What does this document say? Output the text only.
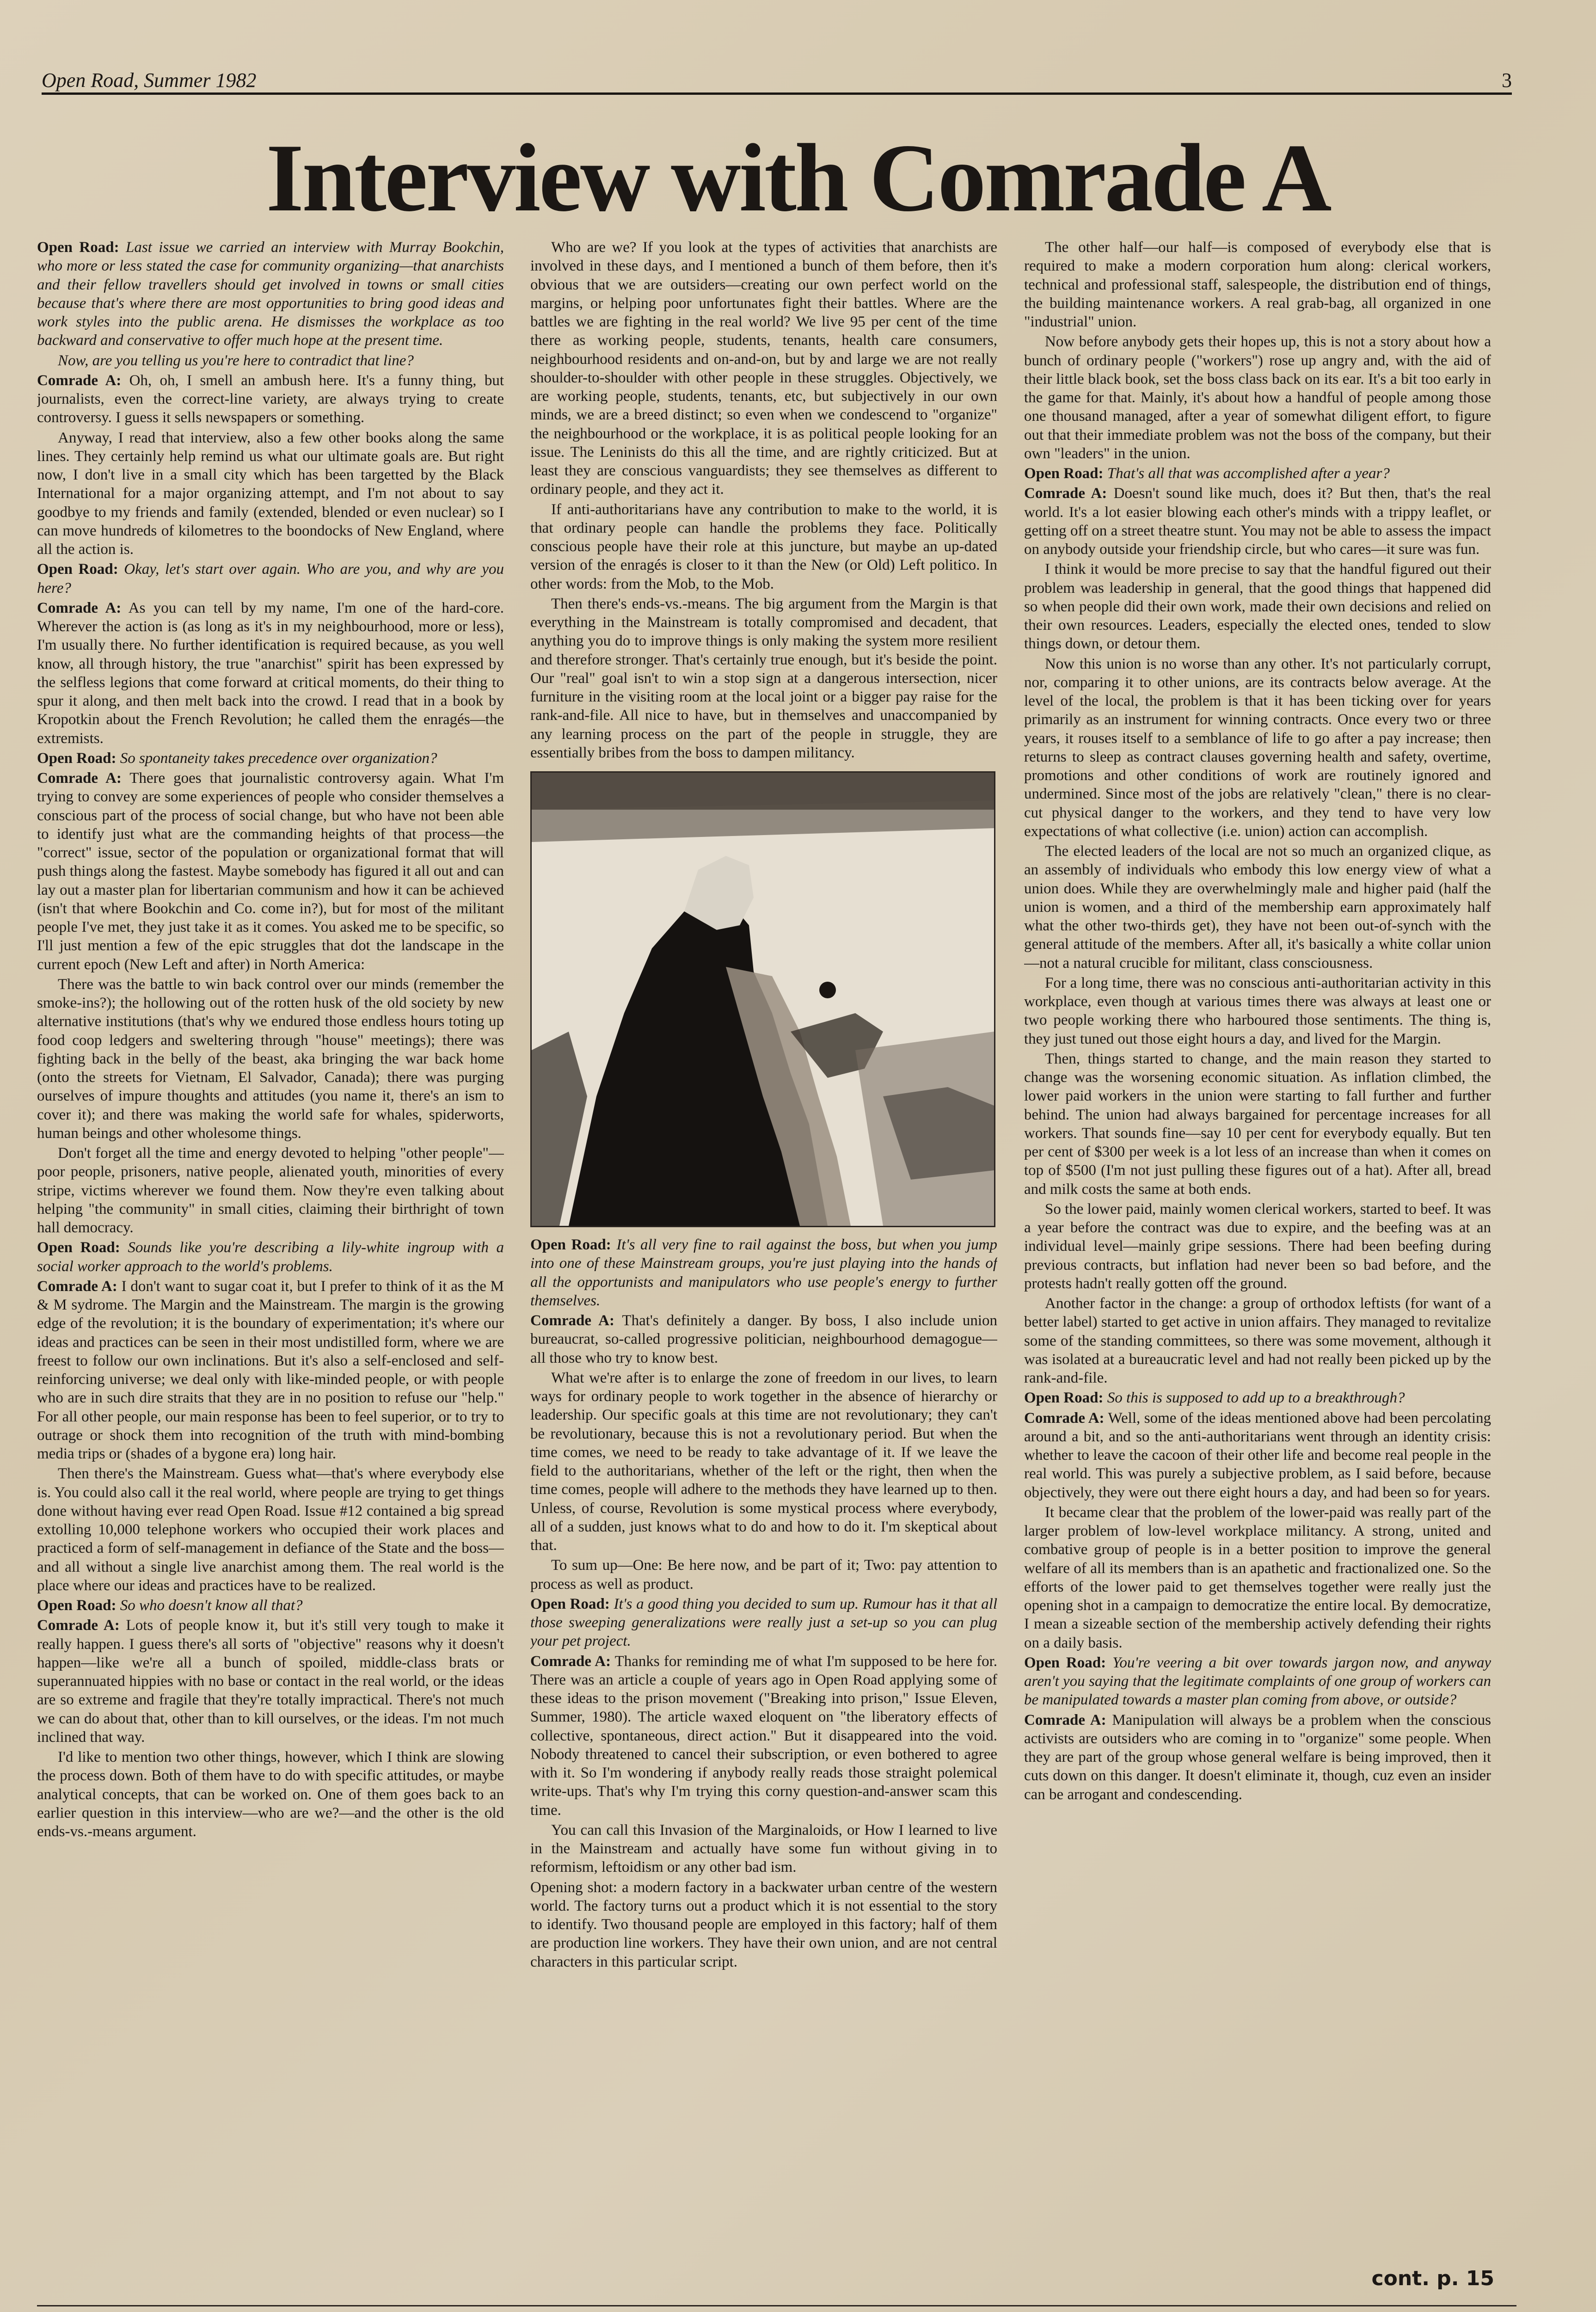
Open Road, Summer 1982	3
Interview with Comrade A

Open Road: Last issue we carried an interview with Murray Bookchin, who more or less stated the case for community organizing—that anarchists and their fellow travellers should get involved in towns or small cities because that's where there are most opportunities to bring good ideas and work styles into the public arena. He dismisses the workplace as too backward and conservative to offer much hope at the present time.

Now, are you telling us you're here to contradict that line?

Comrade A: Oh, oh, I smell an ambush here. It's a funny thing, but journalists, even the correct-line variety, are always trying to create controversy. I guess it sells newspapers or something.

Anyway, I read that interview, also a few other books along the same lines. They certainly help remind us what our ultimate goals are. But right now, I don't live in a small city which has been targetted by the Black International for a major organizing attempt, and I'm not about to say goodbye to my friends and family (extended, blended or even nuclear) so I can move hundreds of kilometres to the boondocks of New England, where all the action is.

Open Road: Okay, let's start over again. Who are you, and why are you here?

Comrade A: As you can tell by my name, I'm one of the hard-core. Wherever the action is (as long as it's in my neighbourhood, more or less), I'm usually there. No further identification is required because, as you well know, all through history, the true "anarchist" spirit has been expressed by the selfless legions that come forward at critical moments, do their thing to spur it along, and then melt back into the crowd. I read that in a book by Kropotkin about the French Revolution; he called them the enragés—the extremists.

Open Road: So spontaneity takes precedence over organization?

Comrade A: There goes that journalistic controversy again. What I'm trying to convey are some experiences of people who consider themselves a conscious part of the process of social change, but who have not been able to identify just what are the commanding heights of that process—the "correct" issue, sector of the population or organizational format that will push things along the fastest. Maybe somebody has figured it all out and can lay out a master plan for libertarian communism and how it can be achieved (isn't that where Bookchin and Co. come in?), but for most of the militant people I've met, they just take it as it comes. You asked me to be specific, so I'll just mention a few of the epic struggles that dot the landscape in the current epoch (New Left and after) in North America:

There was the battle to win back control over our minds (remember the smoke-ins?); the hollowing out of the rotten husk of the old society by new alternative institutions (that's why we endured those endless hours toting up food coop ledgers and sweltering through "house" meetings); there was fighting back in the belly of the beast, aka bringing the war back home (onto the streets for Vietnam, El Salvador, Canada); there was purging ourselves of impure thoughts and attitudes (you name it, there's an ism to cover it); and there was making the world safe for whales, spiderworts, human beings and other wholesome things.

Don't forget all the time and energy devoted to helping "other people"—poor people, prisoners, native people, alienated youth, minorities of every stripe, victims wherever we found them. Now they're even talking about helping "the community" in small cities, claiming their birthright of town hall democracy.

Open Road: Sounds like you're describing a lily-white ingroup with a social worker approach to the world's problems.

Comrade A: I don't want to sugar coat it, but I prefer to think of it as the M & M sydrome. The Margin and the Mainstream. The margin is the growing edge of the revolution; it is the boundary of experimentation; it's where our ideas and practices can be seen in their most undistilled form, where we are freest to follow our own inclinations. But it's also a self-enclosed and self-reinforcing universe; we deal only with like-minded people, or with people who are in such dire straits that they are in no position to refuse our "help." For all other people, our main response has been to feel superior, or to try to outrage or shock them into recognition of the truth with mind-bombing media trips or (shades of a bygone era) long hair.

Then there's the Mainstream. Guess what—that's where everybody else is. You could also call it the real world, where people are trying to get things done without having ever read Open Road. Issue #12 contained a big spread extolling 10,000 telephone workers who occupied their work places and practiced a form of self-management in defiance of the State and the boss—and all without a single live anarchist among them. The real world is the place where our ideas and practices have to be realized.

Open Road: So who doesn't know all that?

Comrade A: Lots of people know it, but it's still very tough to make it really happen. I guess there's all sorts of "objective" reasons why it doesn't happen—like we're all a bunch of spoiled, middle-class brats or superannuated hippies with no base or contact in the real world, or the ideas are so extreme and fragile that they're totally impractical. There's not much we can do about that, other than to kill ourselves, or the ideas. I'm not much inclined that way.

I'd like to mention two other things, however, which I think are slowing the process down. Both of them have to do with specific attitudes, or maybe analytical concepts, that can be worked on. One of them goes back to an earlier question in this interview—who are we?—and the other is the old ends-vs.-means argument.

Who are we? If you look at the types of activities that anarchists are involved in these days, and I mentioned a bunch of them before, then it's obvious that we are outsiders—creating our own perfect world on the margins, or helping poor unfortunates fight their battles. Where are the battles we are fighting in the real world? We live 95 per cent of the time there as working people, students, tenants, health care consumers, neighbourhood residents and on-and-on, but by and large we are not really shoulder-to-shoulder with other people in these struggles. Objectively, we are working people, students, tenants, etc, but subjectively in our own minds, we are a breed distinct; so even when we condescend to "organize" the neighbourhood or the workplace, it is as political people looking for an issue. The Leninists do this all the time, and are rightly criticized. But at least they are conscious vanguardists; they see themselves as different to ordinary people, and they act it.

If anti-authoritarians have any contribution to make to the world, it is that ordinary people can handle the problems they face. Politically conscious people have their role at this juncture, but maybe an up-dated version of the enragés is closer to it than the New (or Old) Left politico. In other words: from the Mob, to the Mob.

Then there's ends-vs.-means. The big argument from the Margin is that everything in the Mainstream is totally compromised and decadent, that anything you do to improve things is only making the system more resilient and therefore stronger. That's certainly true enough, but it's beside the point. Our "real" goal isn't to win a stop sign at a dangerous intersection, nicer furniture in the visiting room at the local joint or a bigger pay raise for the rank-and-file. All nice to have, but in themselves and unaccompanied by any learning process on the part of the people in struggle, they are essentially bribes from the boss to dampen militancy.

Open Road: It's all very fine to rail against the boss, but when you jump into one of these Mainstream groups, you're just playing into the hands of all the opportunists and manipulators who use people's energy to further themselves.

Comrade A: That's definitely a danger. By boss, I also include union bureaucrat, so-called progressive politician, neighbourhood demagogue—all those who try to know best.

What we're after is to enlarge the zone of freedom in our lives, to learn ways for ordinary people to work together in the absence of hierarchy or leadership. Our specific goals at this time are not revolutionary; they can't be revolutionary, because this is not a revolutionary period. But when the time comes, we need to be ready to take advantage of it. If we leave the field to the authoritarians, whether of the left or the right, then when the time comes, people will adhere to the methods they have learned up to then. Unless, of course, Revolution is some mystical process where everybody, all of a sudden, just knows what to do and how to do it. I'm skeptical about that.

To sum up—One: Be here now, and be part of it; Two: pay attention to process as well as product.

Open Road: It's a good thing you decided to sum up. Rumour has it that all those sweeping generalizations were really just a set-up so you can plug your pet project.

Comrade A: Thanks for reminding me of what I'm supposed to be here for. There was an article a couple of years ago in Open Road applying some of these ideas to the prison movement ("Breaking into prison," Issue Eleven, Summer, 1980). The article waxed eloquent on "the liberatory effects of collective, spontaneous, direct action." But it disappeared into the void. Nobody threatened to cancel their subscription, or even bothered to agree with it. So I'm wondering if anybody really reads those straight polemical write-ups. That's why I'm trying this corny question-and-answer scam this time.

You can call this Invasion of the Marginaloids, or How I learned to live in the Mainstream and actually have some fun without giving in to reformism, leftoidism or any other bad ism.

Opening shot: a modern factory in a backwater urban centre of the western world. The factory turns out a product which it is not essential to the story to identify. Two thousand people are employed in this factory; half of them are production line workers. They have their own union, and are not central characters in this particular script.

The other half—our half—is composed of everybody else that is required to make a modern corporation hum along: clerical workers, technical and professional staff, salespeople, the distribution end of things, the building maintenance workers. A real grab-bag, all organized in one "industrial" union.

Now before anybody gets their hopes up, this is not a story about how a bunch of ordinary people ("workers") rose up angry and, with the aid of their little black book, set the boss class back on its ear. It's a bit too early in the game for that. Mainly, it's about how a handful of people among those one thousand managed, after a year of somewhat diligent effort, to figure out that their immediate problem was not the boss of the company, but their own "leaders" in the union.

Open Road: That's all that was accomplished after a year?

Comrade A: Doesn't sound like much, does it? But then, that's the real world. It's a lot easier blowing each other's minds with a trippy leaflet, or getting off on a street theatre stunt. You may not be able to assess the impact on anybody outside your friendship circle, but who cares—it sure was fun.

I think it would be more precise to say that the handful figured out their problem was leadership in general, that the good things that happened did so when people did their own work, made their own decisions and relied on their own resources. Leaders, especially the elected ones, tended to slow things down, or detour them.

Now this union is no worse than any other. It's not particularly corrupt, nor, comparing it to other unions, are its contracts below average. At the level of the local, the problem is that it has been ticking over for years primarily as an instrument for winning contracts. Once every two or three years, it rouses itself to a semblance of life to go after a pay increase; then returns to sleep as contract clauses governing health and safety, overtime, promotions and other conditions of work are routinely ignored and undermined. Since most of the jobs are relatively "clean," there is no clear-cut physical danger to the workers, and they tend to have very low expectations of what collective (i.e. union) action can accomplish.

The elected leaders of the local are not so much an organized clique, as an assembly of individuals who embody this low energy view of what a union does. While they are overwhelmingly male and higher paid (half the union is women, and a third of the membership earn approximately half what the other two-thirds get), they have not been out-of-synch with the general attitude of the members. After all, it's basically a white collar union—not a natural crucible for militant, class consciousness.

For a long time, there was no conscious anti-authoritarian activity in this workplace, even though at various times there was always at least one or two people working there who harboured those sentiments. The thing is, they just tuned out those eight hours a day, and lived for the Margin.

Then, things started to change, and the main reason they started to change was the worsening economic situation. As inflation climbed, the lower paid workers in the union were starting to fall further and further behind. The union had always bargained for percentage increases for all workers. That sounds fine—say 10 per cent for everybody equally. But ten per cent of $300 per week is a lot less of an increase than when it comes on top of $500 (I'm not just pulling these figures out of a hat). After all, bread and milk costs the same at both ends.

So the lower paid, mainly women clerical workers, started to beef. It was a year before the contract was due to expire, and the beefing was at an individual level—mainly gripe sessions. There had been beefing during previous contracts, but inflation had never been so bad before, and the protests hadn't really gotten off the ground.

Another factor in the change: a group of orthodox leftists (for want of a better label) started to get active in union affairs. They managed to revitalize some of the standing committees, so there was some movement, although it was isolated at a bureaucratic level and had not really been picked up by the rank-and-file.

Open Road: So this is supposed to add up to a breakthrough?

Comrade A: Well, some of the ideas mentioned above had been percolating around a bit, and so the anti-authoritarians went through an identity crisis: whether to leave the cacoon of their other life and become real people in the real world. This was purely a subjective problem, as I said before, because objectively, they were out there eight hours a day, and had been so for years.

It became clear that the problem of the lower-paid was really part of the larger problem of low-level workplace militancy. A strong, united and combative group of people is in a better position to improve the general welfare of all its members than is an apathetic and fractionalized one. So the efforts of the lower paid to get themselves together were really just the opening shot in a campaign to democratize the entire local. By democratize, I mean a sizeable section of the membership actively defending their rights on a daily basis.

Open Road: You're veering a bit over towards jargon now, and anyway aren't you saying that the legitimate complaints of one group of workers can be manipulated towards a master plan coming from above, or outside?

Comrade A: Manipulation will always be a problem when the conscious activists are outsiders who are coming in to "organize" some people. When they are part of the group whose general welfare is being improved, then it cuts down on this danger. It doesn't eliminate it, though, cuz even an insider can be arrogant and condescending.

cont. p. 15
